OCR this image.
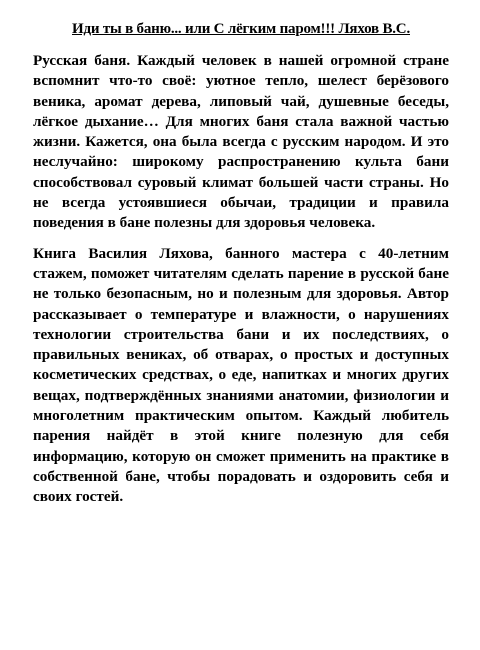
Иди ты в баню... или С лёгким паром!!! Ляхов В.С.

Русская баня. Каждый человек в нашей огромной стране вспомнит что-то своё: уютное тепло, шелест берёзового веника, аромат дерева, липовый чай, душевные беседы, лёгкое дыхание… Для многих баня стала важной частью жизни. Кажется, она была всегда с русским народом. И это неслучайно: широкому распространению культа бани способствовал суровый климат большей части страны. Но не всегда устоявшиеся обычаи, традиции и правила поведения в бане полезны для здоровья человека.

Книга Василия Ляхова, банного мастера с 40-летним стажем, поможет читателям сделать парение в русской бане не только безопасным, но и полезным для здоровья. Автор рассказывает о температуре и влажности, о нарушениях технологии строительства бани и их последствиях, о правильных вениках, об отварах, о простых и доступных косметических средствах, о еде, напитках и многих других вещах, подтверждённых знаниями анатомии, физиологии и многолетним практическим опытом. Каждый любитель парения найдёт в этой книге полезную для себя информацию, которую он сможет применить на практике в собственной бане, чтобы порадовать и оздоровить себя и своих гостей.
